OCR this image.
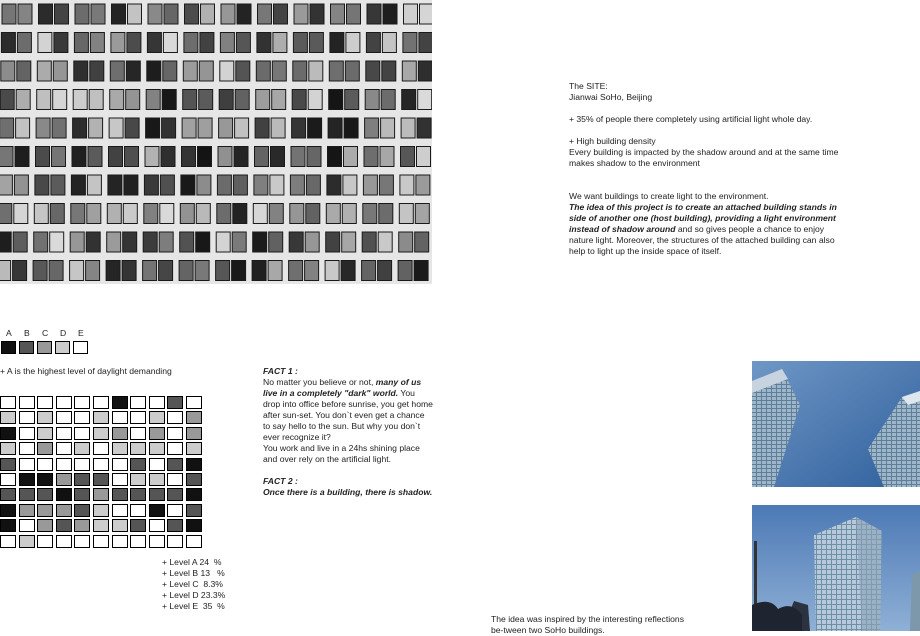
The SITE:
Jianwai SoHo, Beijing
+ 35% of people there completely using artificial light whole day.
+ High building density
Every building is impacted by the shadow around and at the same time makes shadow to the environment
We want buildings to create light to the environment.
The idea of this project is to create an attached building stands in side of another one (host building), providing a light environment instead of shadow around and so gives people a chance to enjoy nature light. Moreover, the structures of the attached building can also help to light up the inside space of itself.
A B C D E
+ A is the highest level of daylight demanding
+ Level A 24  %
+ Level B 13   %
+ Level C  8.3%
+ Level D 23.3%
+ Level E  35  %
FACT 1 :
No matter you believe or not, many of us live in a completely "dark" world. You drop into office before sunrise, you get home after sun-set. You don`t even get a chance to say hello to the sun. But why you don`t ever recognize it?
You work and live in a 24hs shining place and over rely on the artificial light.
FACT 2 :
Once there is a building, there is shadow.
The idea was inspired by the interesting reflections be-tween two SoHo buildings.
